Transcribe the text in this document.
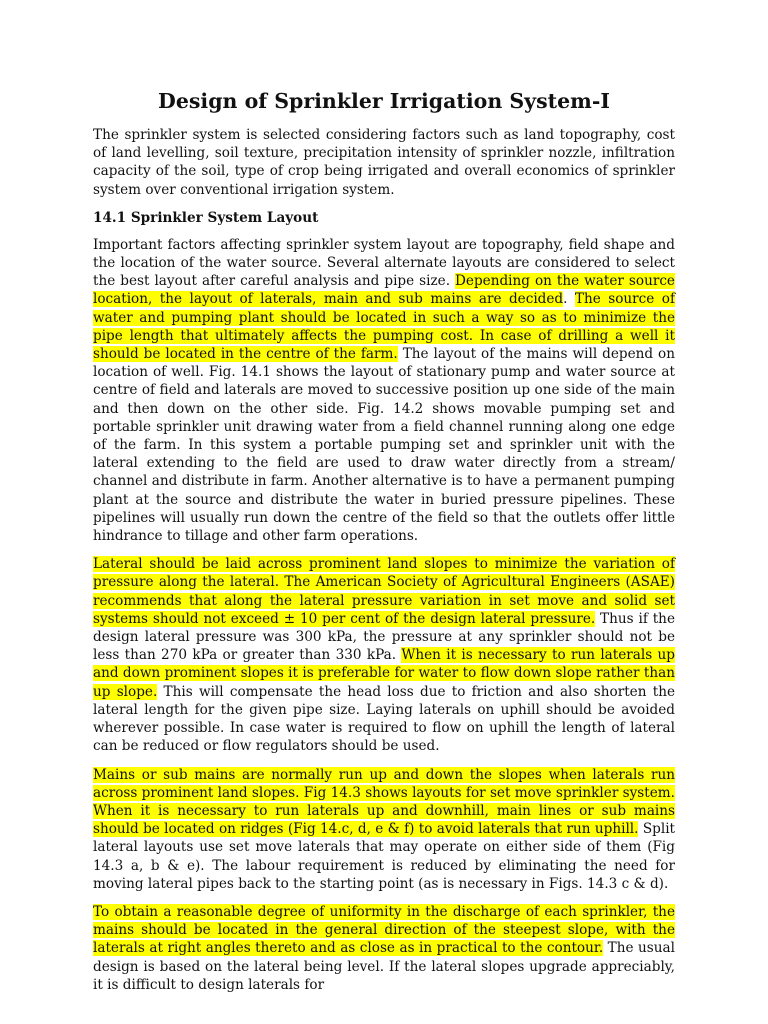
Design of Sprinkler Irrigation System-I

The sprinkler system is selected considering factors such as land topography, cost of land levelling, soil texture, precipitation intensity of sprinkler nozzle, infiltration capacity of the soil, type of crop being irrigated and overall economics of sprinkler system over conventional irrigation system.

14.1 Sprinkler System Layout

Important factors affecting sprinkler system layout are topography, field shape and the location of the water source. Several alternate layouts are considered to select the best layout after careful analysis and pipe size. Depending on the water source location, the layout of laterals, main and sub mains are decided. The source of water and pumping plant should be located in such a way so as to minimize the pipe length that ultimately affects the pumping cost. In case of drilling a well it should be located in the centre of the farm. The layout of the mains will depend on location of well. Fig. 14.1 shows the layout of stationary pump and water source at centre of field and laterals are moved to successive position up one side of the main and then down on the other side. Fig. 14.2 shows movable pumping set and portable sprinkler unit drawing water from a field channel running along one edge of the farm. In this system a portable pumping set and sprinkler unit with the lateral extending to the field are used to draw water directly from a stream/ channel and distribute in farm. Another alternative is to have a permanent pumping plant at the source and distribute the water in buried pressure pipelines. These pipelines will usually run down the centre of the field so that the outlets offer little hindrance to tillage and other farm operations.

Lateral should be laid across prominent land slopes to minimize the variation of pressure along the lateral. The American Society of Agricultural Engineers (ASAE) recommends that along the lateral pressure variation in set move and solid set systems should not exceed ± 10 per cent of the design lateral pressure. Thus if the design lateral pressure was 300 kPa, the pressure at any sprinkler should not be less than 270 kPa or greater than 330 kPa. When it is necessary to run laterals up and down prominent slopes it is preferable for water to flow down slope rather than up slope. This will compensate the head loss due to friction and also shorten the lateral length for the given pipe size. Laying laterals on uphill should be avoided wherever possible. In case water is required to flow on uphill the length of lateral can be reduced or flow regulators should be used.

Mains or sub mains are normally run up and down the slopes when laterals run across prominent land slopes. Fig 14.3 shows layouts for set move sprinkler system. When it is necessary to run laterals up and downhill, main lines or sub mains should be located on ridges (Fig 14.c, d, e & f) to avoid laterals that run uphill. Split lateral layouts use set move laterals that may operate on either side of them (Fig 14.3 a, b & e). The labour requirement is reduced by eliminating the need for moving lateral pipes back to the starting point (as is necessary in Figs. 14.3 c & d).

To obtain a reasonable degree of uniformity in the discharge of each sprinkler, the mains should be located in the general direction of the steepest slope, with the laterals at right angles thereto and as close as in practical to the contour. The usual design is based on the lateral being level. If the lateral slopes upgrade appreciably, it is difficult to design laterals for
